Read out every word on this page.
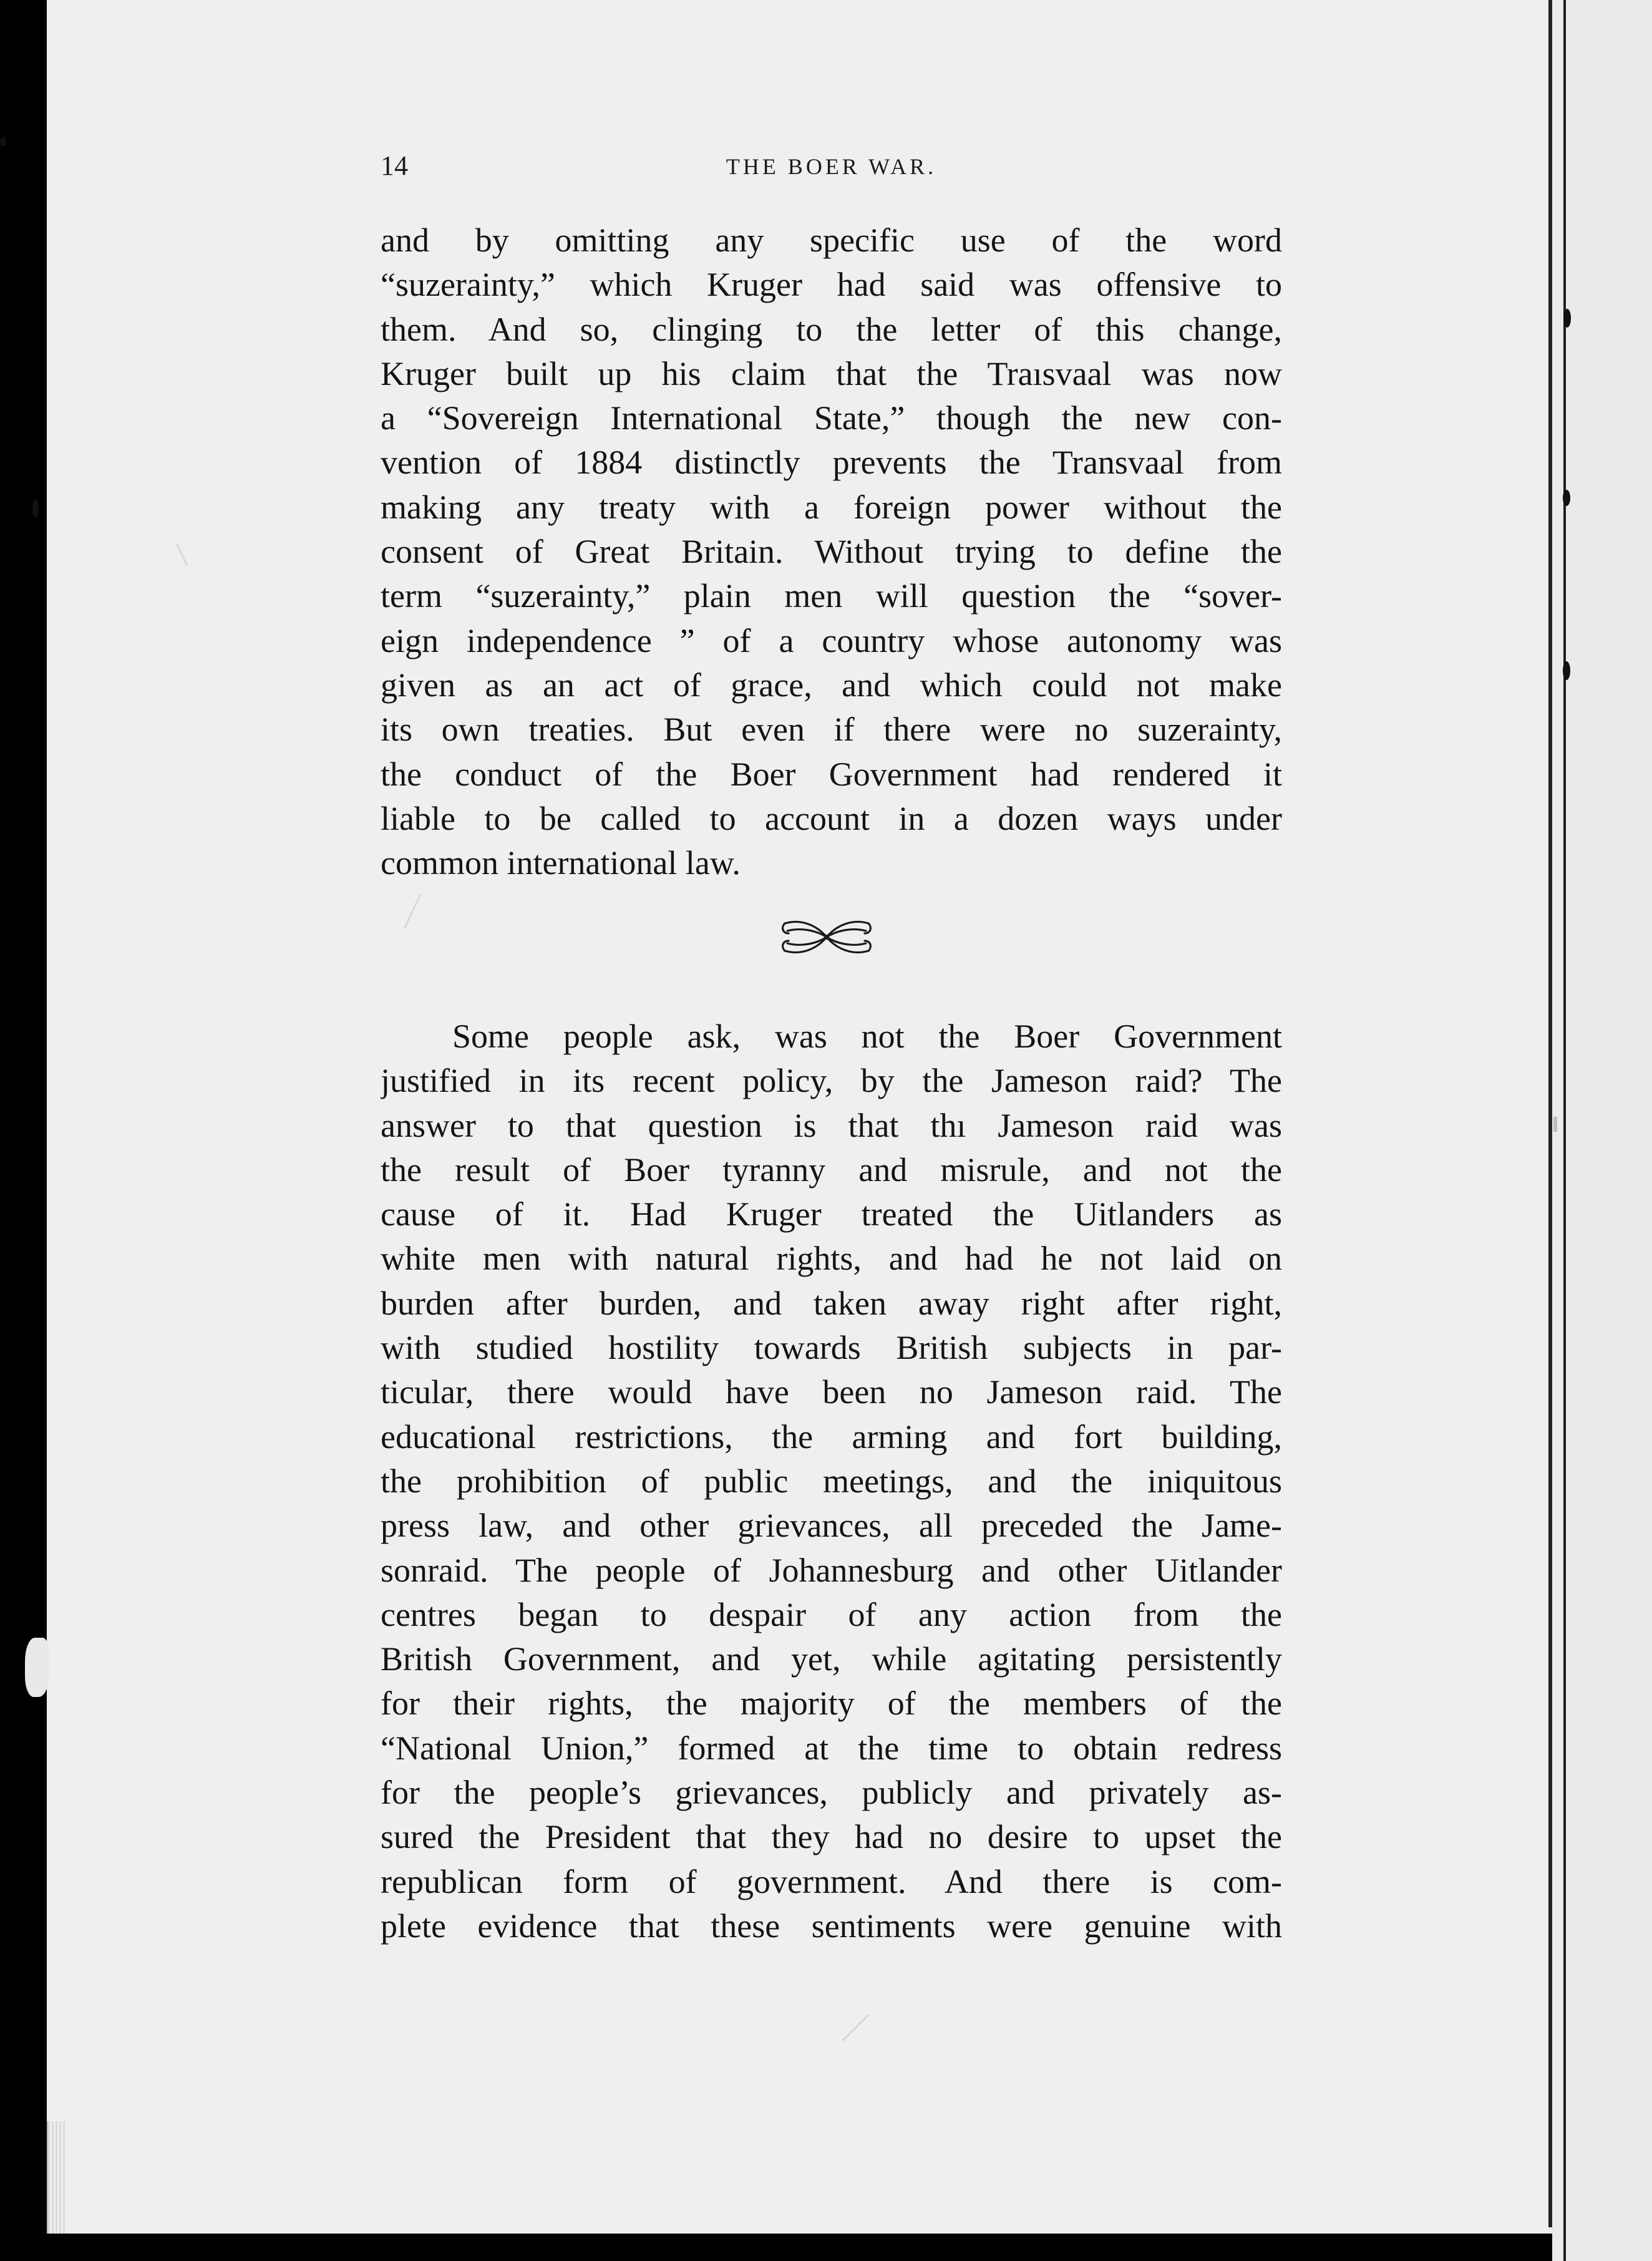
14	THE BOER WAR.
and by omitting any specific use of the word
“suzerainty,” which Kruger had said was offensive to
them. And so, clinging to the letter of this change,
Kruger built up his claim that the Traısvaal was now
a “Sovereign International State,” though the new con-
vention of 1884 distinctly prevents the Transvaal from
making any treaty with a foreign power without the
consent of Great Britain. Without trying to define the
term “suzerainty,” plain men will question the “sover-
eign independence ” of a country whose autonomy was
given as an act of grace, and which could not make
its own treaties. But even if there were no suzerainty,
the conduct of the Boer Government had rendered it
liable to be called to account in a dozen ways under
common international law.
Some people ask, was not the Boer Government
justified in its recent policy, by the Jameson raid? The
answer to that question is that thı Jameson raid was
the result of Boer tyranny and misrule, and not the
cause of it. Had Kruger treated the Uitlanders as
white men with natural rights, and had he not laid on
burden after burden, and taken away right after right,
with studied hostility towards British subjects in par-
ticular, there would have been no Jameson raid. The
educational restrictions, the arming and fort building,
the prohibition of public meetings, and the iniquitous
press law, and other grievances, all preceded the Jame-
sonraid. The people of Johannesburg and other Uitlander
centres began to despair of any action from the
British Government, and yet, while agitating persistently
for their rights, the majority of the members of the
“National Union,” formed at the time to obtain redress
for the people’s grievances, publicly and privately as-
sured the President that they had no desire to upset the
republican form of government. And there is com-
plete evidence that these sentiments were genuine with
